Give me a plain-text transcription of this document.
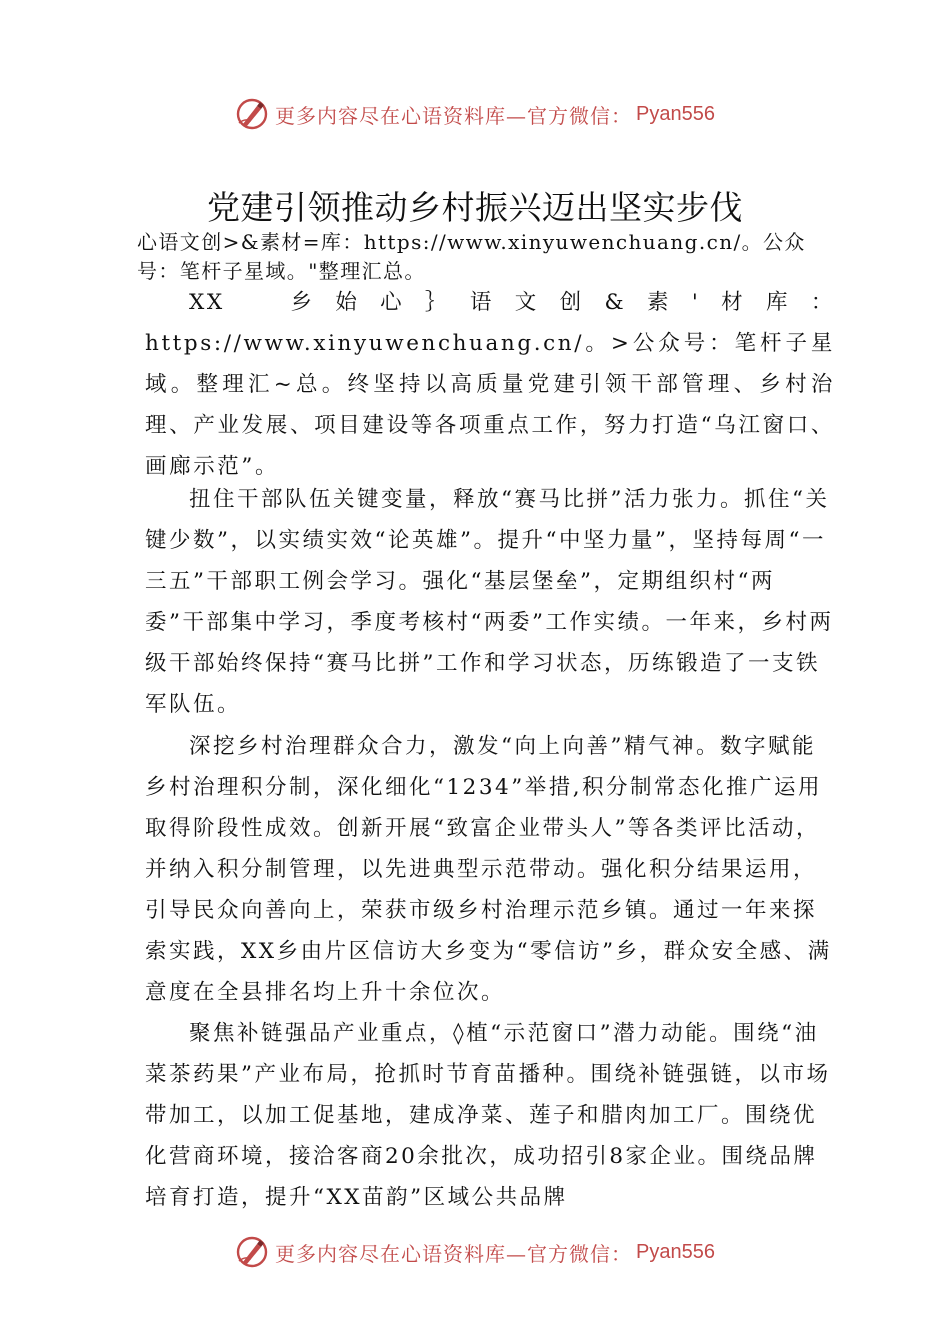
更多内容尽在心语资料库—官方微信： Pyan556
党建引领推动乡村振兴迈出坚实步伐
心语文创>&素材=库：https://www.xinyuwenchuang.cn/。公众号：笔杆子星域。"整理汇总。

XX　乡始心｝语文创&素'材库：https://www.xinyuwenchuang.cn/。>公众号：笔杆子星域。整理汇~总。终坚持以高质量党建引领干部管理、乡村治理、产业发展、项目建设等各项重点工作，努力打造“乌江窗口、画廊示范”。

扭住干部队伍关键变量，释放“赛马比拼”活力张力。抓住“关键少数”，以实绩实效“论英雄”。提升“中坚力量”，坚持每周“一三五”干部职工例会学习。强化“基层堡垒”，定期组织村“两委”干部集中学习，季度考核村“两委”工作实绩。一年来，乡村两级干部始终保持“赛马比拼”工作和学习状态，历练锻造了一支铁军队伍。

深挖乡村治理群众合力，激发“向上向善”精气神。数字赋能乡村治理积分制，深化细化“1234”举措,积分制常态化推广运用取得阶段性成效。创新开展“致富企业带头人”等各类评比活动，并纳入积分制管理，以先进典型示范带动。强化积分结果运用，引导民众向善向上，荣获市级乡村治理示范乡镇。通过一年来探索实践，XX乡由片区信访大乡变为“零信访”乡，群众安全感、满意度在全县排名均上升十余位次。

聚焦补链强品产业重点，◊植“示范窗口”潜力动能。围绕“油菜茶药果”产业布局，抢抓时节育苗播种。围绕补链强链，以市场带加工，以加工促基地，建成净菜、莲子和腊肉加工厂。围绕优化营商环境，接洽客商20余批次，成功招引8家企业。围绕品牌培育打造，提升“XX苗韵”区域公共品牌

更多内容尽在心语资料库—官方微信： Pyan556
